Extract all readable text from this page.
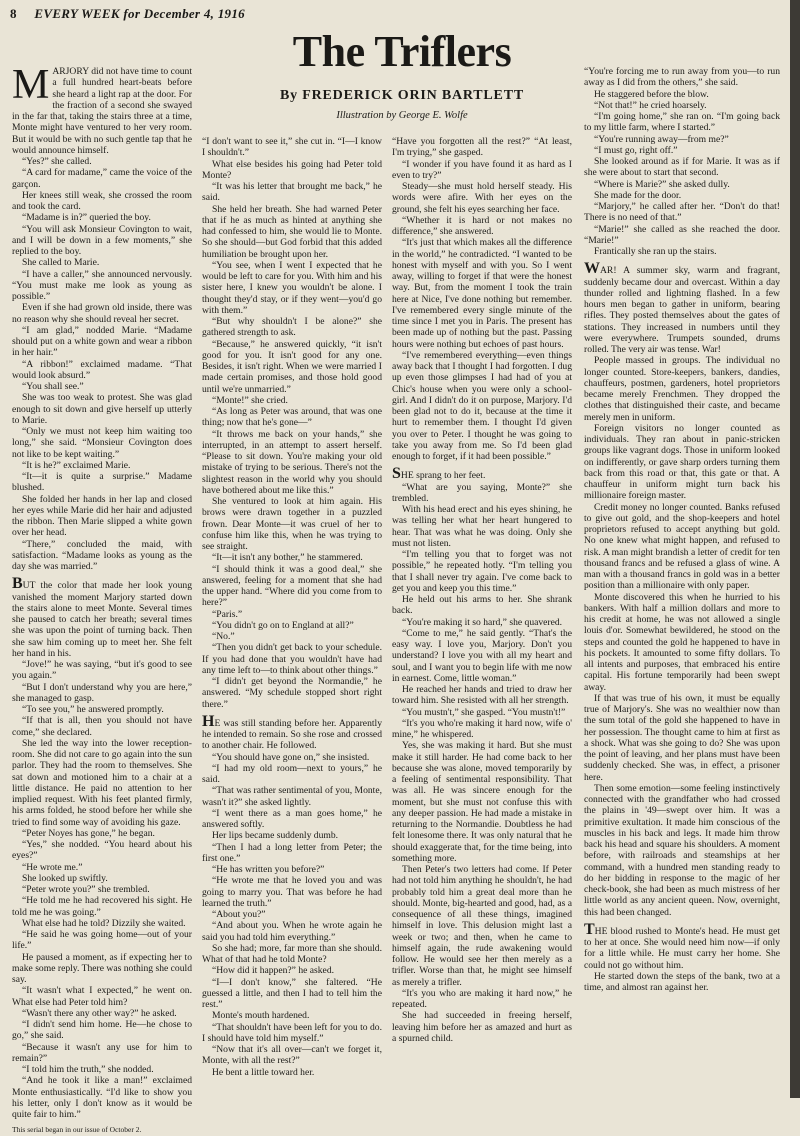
8 EVERY WEEK for December 4, 1916
The Triflers
By FREDERICK ORIN BARTLETT
Illustration by George E. Wolfe

MARJORY did not have time to count a full hundred heart-beats before she heard a light rap at the door. For the fraction of a second she swayed in the far that, taking the stairs three at a time, Monte might have ventured to her very room. But it would be with no such gentle tap that he would announce himself.

“Yes?” she called.

“A card for madame,” came the voice of the garçon.

Her knees still weak, she crossed the room and took the card.

“Madame is in?” queried the boy.

“You will ask Monsieur Covington to wait, and I will be down in a few moments,” she replied to the boy.

She called to Marie.

“I have a caller,” she announced nervously. “You must make me look as young as possible.”

Even if she had grown old inside, there was no reason why she should reveal her secret.

“I am glad,” nodded Marie. “Madame should put on a white gown and wear a ribbon in her hair.”

“A ribbon!” exclaimed madame. “That would look absurd.”

“You shall see.”

She was too weak to protest. She was glad enough to sit down and give herself up utterly to Marie.

“Only we must not keep him waiting too long,” she said. “Monsieur Covington does not like to be kept waiting.”

“It is he?” exclaimed Marie.

“It—it is quite a surprise.” Madame blushed.

She folded her hands in her lap and closed her eyes while Marie did her hair and adjusted the ribbon. Then Marie slipped a white gown over her head.

“There,” concluded the maid, with satisfaction. “Madame looks as young as the day she was married.”

BUT the color that made her look young vanished the moment Marjory started down the stairs alone to meet Monte. Several times she paused to catch her breath; several times she was upon the point of turning back. Then she saw him coming up to meet her. She felt her hand in his.

“Jove!” he was saying, “but it's good to see you again.”

“But I don't understand why you are here,” she managed to gasp.

“To see you,” he answered promptly.

“If that is all, then you should not have come,” she declared.

She led the way into the lower reception-room. She did not care to go again into the sun parlor. They had the room to themselves. She sat down and motioned him to a chair at a little distance. He paid no attention to her implied request. With his feet planted firmly, his arms folded, he stood before her while she tried to find some way of avoiding his gaze.

“Peter Noyes has gone,” he began.

“Yes,” she nodded. “You heard about his eyes?”

“He wrote me.”

She looked up swiftly.

“Peter wrote you?” she trembled.

“He told me he had recovered his sight. He told me he was going.”

What else had he told? Dizzily she waited.

“He said he was going home—out of your life.”

He paused a moment, as if expecting her to make some reply. There was nothing she could say.

“It wasn't what I expected,” he went on. What else had Peter told him?

“Wasn't there any other way?” he asked.

“I didn't send him home. He—he chose to go,” she said.

“Because it wasn't any use for him to remain?”

“I told him the truth,” she nodded.

“And he took it like a man!” exclaimed Monte enthusiastically. “I'd like to show you his letter, only I don't know as it would be quite fair to him.”

This serial began in our issue of October 2.

“I don't want to see it,” she cut in. “I—I know I shouldn't.”

What else besides his going had Peter told Monte?

“It was his letter that brought me back,” he said.

She held her breath. She had warned Peter that if he as much as hinted at anything she had confessed to him, she would lie to Monte. So she should—but God forbid that this added humiliation be brought upon her.

“You see, when I went I expected that he would be left to care for you. With him and his sister here, I knew you wouldn't be alone. I thought they'd stay, or if they went—you'd go with them.”

“But why shouldn't I be alone?” she gathered strength to ask.

“Because,” he answered quickly, “it isn't good for you. It isn't good for any one. Besides, it isn't right. When we were married I made certain promises, and those hold good until we're unmarried.”

“Monte!” she cried.

“As long as Peter was around, that was one thing; now that he's gone—”

“It throws me back on your hands,” she interrupted, in an attempt to assert herself. “Please to sit down. You're making your old mistake of trying to be serious. There's not the slightest reason in the world why you should have bothered about me like this.”

She ventured to look at him again. His brows were drawn together in a puzzled frown. Dear Monte—it was cruel of her to confuse him like this, when he was trying to see straight.

“It—it isn't any bother,” he stammered.

“I should think it was a good deal,” she answered, feeling for a moment that she had the upper hand. “Where did you come from to here?”

“Paris.”

“You didn't go on to England at all?”

“No.”

“Then you didn't get back to your schedule. If you had done that you wouldn't have had any time left to—to think about other things.”

“I didn't get beyond the Normandie,” he answered. “My schedule stopped short right there.”

HE was still standing before her. Apparently he intended to remain. So she rose and crossed to another chair. He followed.

“You should have gone on,” she insisted.

“I had my old room—next to yours,” he said.

“That was rather sentimental of you, Monte, wasn't it?” she asked lightly.

“I went there as a man goes home,” he answered softly.

Her lips became suddenly dumb.

“Then I had a long letter from Peter; the first one.”

“He has written you before?”

“He wrote me that he loved you and was going to marry you. That was before he had learned the truth.”

“About you?”

“And about you. When he wrote again he said you had told him everything.”

So she had; more, far more than she should. What of that had he told Monte?

“How did it happen?” he asked.

“I—I don't know,” she faltered. “He guessed a little, and then I had to tell him the rest.”

Monte's mouth hardened.

“That shouldn't have been left for you to do. I should have told him myself.”

“Now that it's all over—can't we forget it, Monte, with all the rest?”

He bent a little toward her.

“Have you forgotten all the rest?” “At least, I'm trying,” she gasped.

“I wonder if you have found it as hard as I even to try?”

Steady—she must hold herself steady. His words were afire. With her eyes on the ground, she felt his eyes searching her face.

“Whether it is hard or not makes no difference,” she answered.

“It's just that which makes all the difference in the world,” he contradicted. “I wanted to be honest with myself and with you. So I went away, willing to forget if that were the honest way. But, from the moment I took the train here at Nice, I've done nothing but remember. I've remembered every single minute of the time since I met you in Paris. The present has been made up of nothing but the past. Passing hours were nothing but echoes of past hours.

“I've remembered everything—even things away back that I thought I had forgotten. I dug up even those glimpses I had had of you at Chic's house when you were only a school-girl. And I didn't do it on purpose, Marjory. I'd been glad not to do it, because at the time it hurt to remember them. I thought I'd given you over to Peter. I thought he was going to take you away from me. So I'd been glad enough to forget, if it had been possible.”

SHE sprang to her feet.

“What are you saying, Monte?” she trembled.

With his head erect and his eyes shining, he was telling her what her heart hungered to hear. That was what he was doing. Only she must not listen.

“I'm telling you that to forget was not possible,” he repeated hotly. “I'm telling you that I shall never try again. I've come back to get you and keep you this time.”

He held out his arms to her. She shrank back.

“You're making it so hard,” she quavered.

“Come to me,” he said gently. “That's the easy way. I love you, Marjory. Don't you understand? I love you with all my heart and soul, and I want you to begin life with me now in earnest. Come, little woman.”

He reached her hands and tried to draw her toward him. She resisted with all her strength.

“You mustn't,” she gasped. “You mustn't!”

“It's you who're making it hard now, wife o' mine,” he whispered.

Yes, she was making it hard. But she must make it still harder. He had come back to her because she was alone, moved temporarily by a feeling of sentimental responsibility. That was all. He was sincere enough for the moment, but she must not confuse this with any deeper passion. He had made a mistake in returning to the Normandie. Doubtless he had felt lonesome there. It was only natural that he should exaggerate that, for the time being, into something more.

Then Peter's two letters had come. If Peter had not told him anything he shouldn't, he had probably told him a great deal more than he should. Monte, big-hearted and good, had, as a consequence of all these things, imagined himself in love. This delusion might last a week or two; and then, when he came to himself again, the rude awakening would follow. He would see her then merely as a trifler. Worse than that, he might see himself as merely a trifler.

“It's you who are making it hard now,” he repeated.

She had succeeded in freeing herself, leaving him before her as amazed and hurt as a spurned child.

“You're forcing me to run away from you—to run away as I did from the others,” she said.

He staggered before the blow.

“Not that!” he cried hoarsely.

“I'm going home,” she ran on. “I'm going back to my little farm, where I started.”

“You're running away—from me?”

“I must go, right off.”

She looked around as if for Marie. It was as if she were about to start that second.

“Where is Marie?” she asked dully.

She made for the door.

“Marjory,” he called after her. “Don't do that! There is no need of that.”

“Marie!” she called as she reached the door. “Marie!”

Frantically she ran up the stairs.

WAR! A summer sky, warm and fragrant, suddenly became dour and overcast. Within a day thunder rolled and lightning flashed. In a few hours men began to gather in uniform, bearing rifles. They posted themselves about the gates of stations. They increased in numbers until they were everywhere. Trumpets sounded, drums rolled. The very air was tense. War!

People massed in groups. The individual no longer counted. Store-keepers, bankers, dandies, chauffeurs, postmen, gardeners, hotel proprietors became merely Frenchmen. They dropped the clothes that distinguished their caste, and became merely men in uniform.

Foreign visitors no longer counted as individuals. They ran about in panic-stricken groups like vagrant dogs. Those in uniform looked on indifferently, or gave sharp orders turning them back from this road or that, this gate or that. A chauffeur in uniform might turn back his millionaire foreign master.

Credit money no longer counted. Banks refused to give out gold, and the shop-keepers and hotel proprietors refused to accept anything but gold. No one knew what might happen, and refused to risk. A man might brandish a letter of credit for ten thousand francs and be refused a glass of wine. A man with a thousand francs in gold was in a better position than a millionaire with only paper.

Monte discovered this when he hurried to his bankers. With half a million dollars and more to his credit at home, he was not allowed a single louis d'or. Somewhat bewildered, he stood on the steps and counted the gold he happened to have in his pockets. It amounted to some fifty dollars. To all intents and purposes, that embraced his entire capital. His fortune temporarily had been swept away.

If that was true of his own, it must be equally true of Marjory's. She was no wealthier now than the sum total of the gold she happened to have in her possession. The thought came to him at first as a shock. What was she going to do? She was upon the point of leaving, and her plans must have been suddenly checked. She was, in effect, a prisoner here.

Then some emotion—some feeling instinctively connected with the grandfather who had crossed the plains in '49—swept over him. It was a primitive exultation. It made him conscious of the muscles in his back and legs. It made him throw back his head and square his shoulders. A moment before, with railroads and steamships at her command, with a hundred men standing ready to do her bidding in response to the magic of her check-book, she had been as much mistress of her little world as any ancient queen. Now, overnight, this had been changed.

THE blood rushed to Monte's head. He must get to her at once. She would need him now—if only for a little while. He must carry her home. She could not go without him.

He started down the steps of the bank, two at a time, and almost ran against her.
